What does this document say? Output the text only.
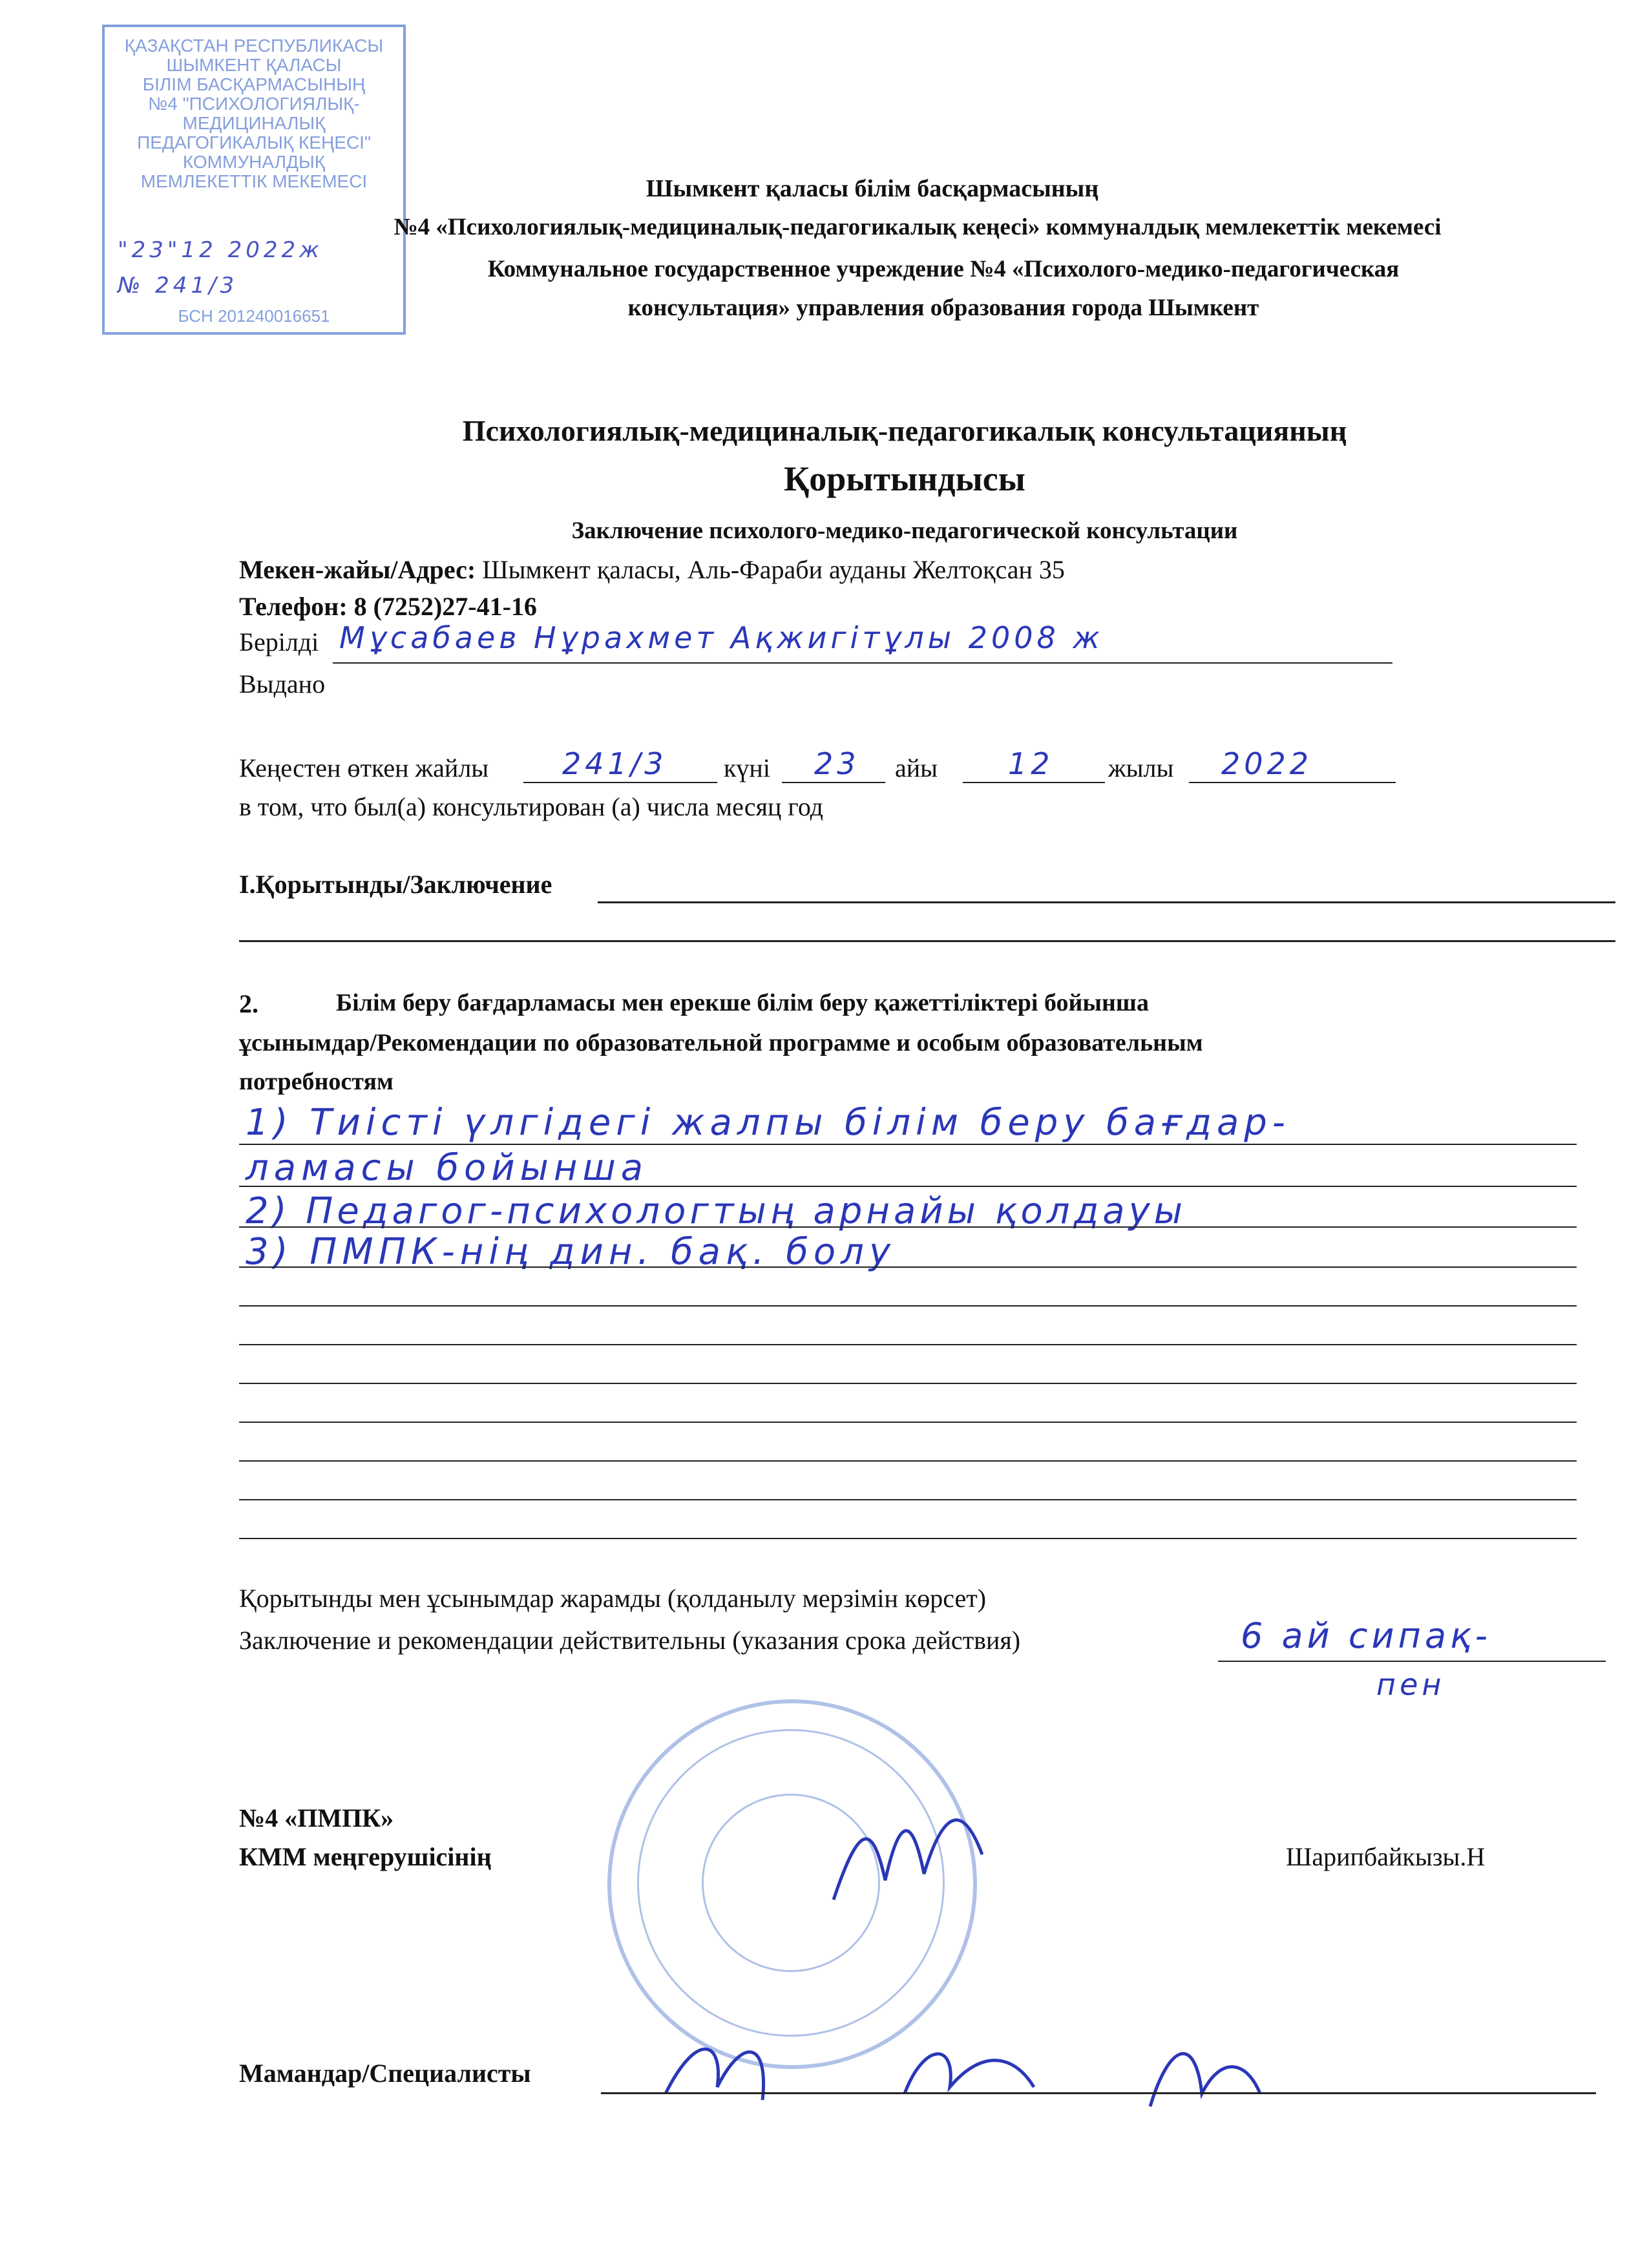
ҚАЗАҚСТАН РЕСПУБЛИКАСЫ
ШЫМКЕНТ ҚАЛАСЫ
БІЛІМ БАСҚАРМАСЫНЫҢ
№4 "ПСИХОЛОГИЯЛЫҚ-
МЕДИЦИНАЛЫҚ
ПЕДАГОГИКАЛЫҚ КЕҢЕСІ"
КОММУНАЛДЫҚ
МЕМЛЕКЕТТІК МЕКЕМЕСІ
"23"12 2022ж
№ 241/3
БСН 201240016651
Шымкент қаласы білім басқармасының
№4 «Психологиялық-медициналық-педагогикалық кеңесі» коммуналдық мемлекеттік мекемесі
Коммунальное государственное учреждение №4 «Психолого-медико-педагогическая
консультация» управления образования города Шымкент
Психологиялық-медициналық-педагогикалық консультацияның
Қорытындысы
Заключение психолого-медико-педагогической консультации
Мекен-жайы/Адрес: Шымкент қаласы, Аль-Фараби ауданы Желтоқсан 35
Телефон: 8 (7252)27-41-16
Берілді Мұсабаев Нұрахмет Ақжигітұлы 2008 ж
Выдано
Кеңестен өткен жайлы 241/3 күні 23 айы 12 жылы 2022
в том, что был(а) консультирован (а) числа месяц год
І.Қорытынды/Заключение
2.	Білім беру бағдарламасы мен ерекше білім беру қажеттіліктері бойынша
ұсынымдар/Рекомендации по образовательной программе и особым образовательным
потребностям
1) Тиісті үлгідегі жалпы білім беру бағдар-
ламасы бойынша
2) Педагог-психологтың арнайы қолдауы
3) ПМПК-нің дин. бақ. болу
Қорытынды мен ұсынымдар жарамды (қолданылу мерзімін көрсет)
Заключение и рекомендации действительны (указания срока действия)	6 ай сипақ-
пен
№4 «ПМПК»
КММ меңгерушісінің	Шарипбайкызы.Н
Мамандар/Специалисты
